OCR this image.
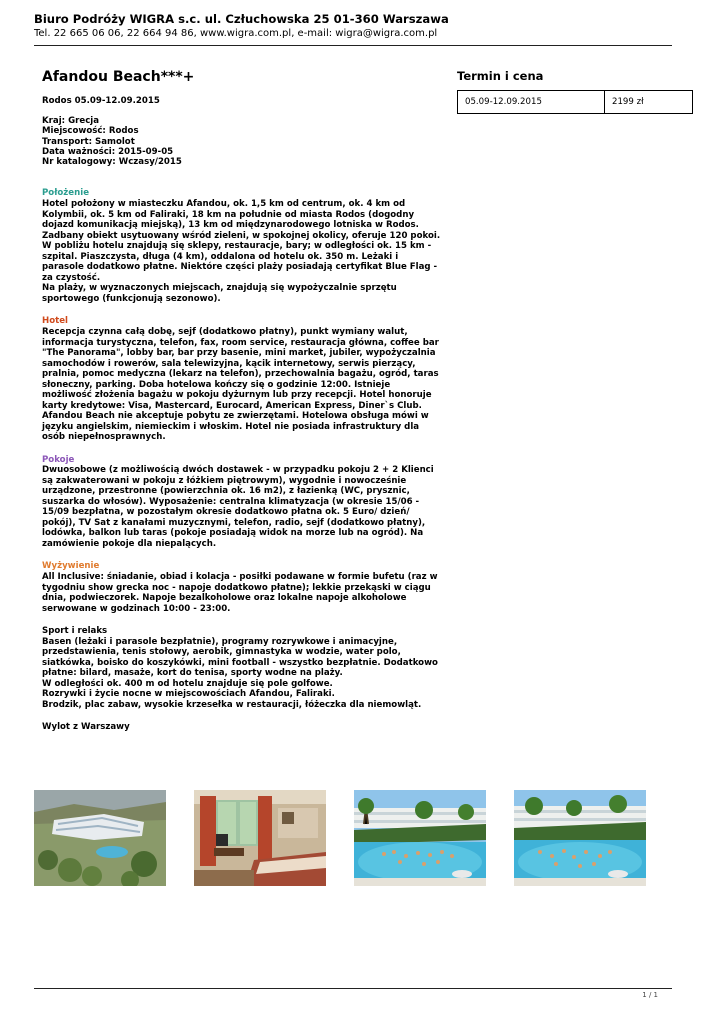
Biuro Podróży WIGRA s.c. ul. Człuchowska 25 01-360 Warszawa
Tel. 22 665 06 06, 22 664 94 86, www.wigra.com.pl, e-mail: wigra@wigra.com.pl
Afandou Beach***+
Rodos 05.09-12.09.2015
Kraj: Grecja
Miejscowość: Rodos
Transport: Samolot
Data ważności: 2015-09-05
Nr katalogowy: Wczasy/2015
Położenie
Hotel położony w miasteczku Afandou, ok. 1,5 km od centrum, ok. 4 km od Kolymbii, ok. 5 km od Faliraki, 18 km na południe od miasta Rodos (dogodny dojazd komunikacją miejską), 13 km od międzynarodowego lotniska w Rodos. Zadbany obiekt usytuowany wśród zieleni, w spokojnej okolicy, oferuje 120 pokoi. W pobliżu hotelu znajdują się sklepy, restauracje, bary; w odległości ok. 15 km - szpital. Piaszczysta, długa (4 km), oddalona od hotelu ok. 350 m. Leżaki i parasole dodatkowo płatne. Niektóre części plaży posiadają certyfikat Blue Flag - za czystość.
Na plaży, w wyznaczonych miejscach, znajdują się wypożyczalnie sprzętu sportowego (funkcjonują sezonowo).
Hotel
Recepcja czynna całą dobę, sejf (dodatkowo płatny), punkt wymiany walut, informacja turystyczna, telefon, fax, room service, restauracja główna, coffee bar "The Panorama", lobby bar, bar przy basenie, mini market, jubiler, wypożyczalnia samochodów i rowerów, sala telewizyjna, kącik internetowy, serwis pierzący, pralnia, pomoc medyczna (lekarz na telefon), przechowalnia bagażu, ogród, taras słoneczny, parking. Doba hotelowa kończy się o godzinie 12:00. Istnieje możliwość złożenia bagażu w pokoju dyżurnym lub przy recepcji. Hotel honoruje karty kredytowe: Visa, Mastercard, Eurocard, American Express, Diner`s Club. Afandou Beach nie akceptuje pobytu ze zwierzętami. Hotelowa obsługa mówi w języku angielskim, niemieckim i włoskim. Hotel nie posiada infrastruktury dla osób niepełnosprawnych.
Pokoje
Dwuosobowe (z możliwością dwóch dostawek - w przypadku pokoju 2 + 2 Klienci są zakwaterowani w pokoju z łóżkiem piętrowym), wygodnie i nowocześnie urządzone, przestronne (powierzchnia ok. 16 m2), z łazienką (WC, prysznic, suszarka do włosów). Wyposażenie: centralna klimatyzacja (w okresie 15/06 - 15/09 bezpłatna, w pozostałym okresie dodatkowo płatna ok. 5 Euro/ dzień/ pokój), TV Sat z kanałami muzycznymi, telefon, radio, sejf (dodatkowo płatny), lodówka, balkon lub taras (pokoje posiadają widok na morze lub na ogród). Na zamówienie pokoje dla niepalących.
Wyżywienie
All Inclusive: śniadanie, obiad i kolacja - posiłki podawane w formie bufetu (raz w tygodniu show grecka noc - napoje dodatkowo płatne); lekkie przekąski w ciągu dnia, podwieczorek. Napoje bezalkoholowe oraz lokalne napoje alkoholowe serwowane w godzinach 10:00 - 23:00.
Sport i relaks
Basen (leżaki i parasole bezpłatnie), programy rozrywkowe i animacyjne, przedstawienia, tenis stołowy, aerobik, gimnastyka w wodzie, water polo, siatkówka, boisko do koszykówki, mini football - wszystko bezpłatnie. Dodatkowo płatne: bilard, masaże, kort do tenisa, sporty wodne na plaży.
W odległości ok. 400 m od hotelu znajduje się pole golfowe.
Rozrywki i życie nocne w miejscowościach Afandou, Faliraki.
Brodzik, plac zabaw, wysokie krzesełka w restauracji, łóżeczka dla niemowląt.
Wylot z Warszawy
Termin i cena
05.09-12.09.2015	2199 zł
1 / 1
